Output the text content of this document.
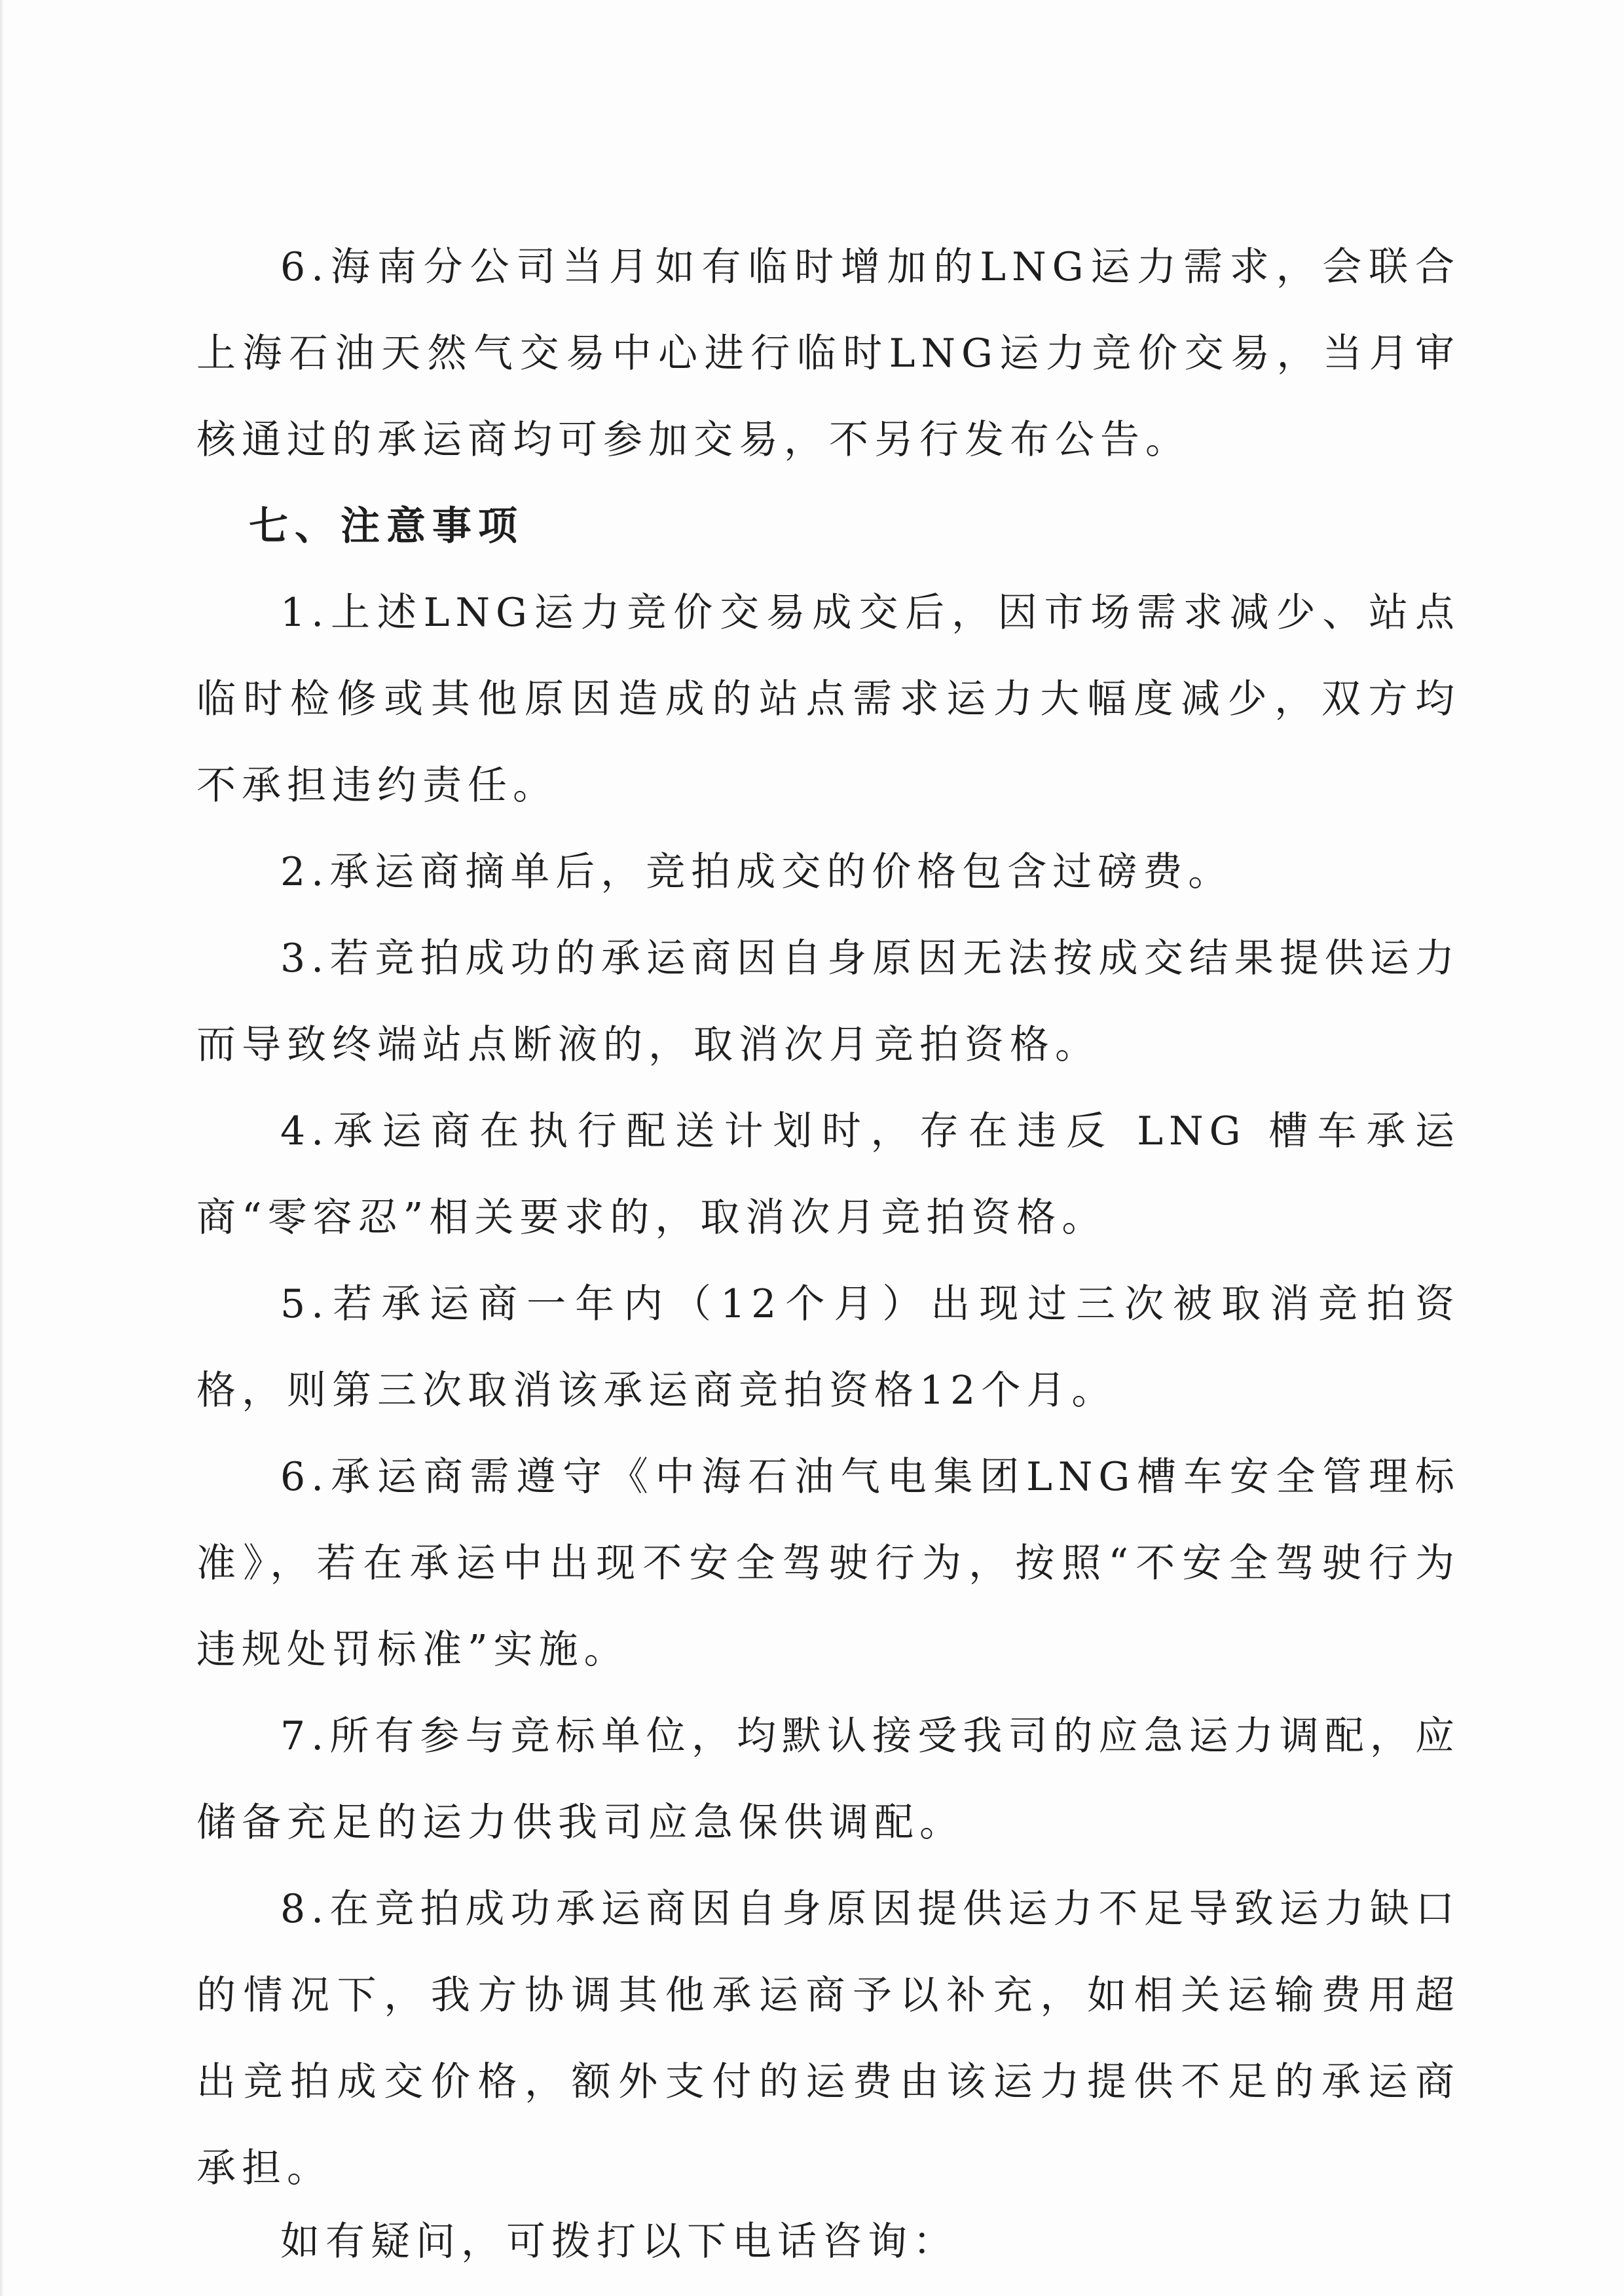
6.海南分公司当月如有临时增加的LNG运力需求，会联合上海石油天然气交易中心进行临时LNG运力竞价交易，当月审核通过的承运商均可参加交易，不另行发布公告。

七、注意事项

1.上述LNG运力竞价交易成交后，因市场需求减少、站点临时检修或其他原因造成的站点需求运力大幅度减少，双方均不承担违约责任。

2.承运商摘单后，竞拍成交的价格包含过磅费。

3.若竞拍成功的承运商因自身原因无法按成交结果提供运力而导致终端站点断液的，取消次月竞拍资格。

4.承运商在执行配送计划时，存在违反 LNG 槽车承运商“零容忍”相关要求的，取消次月竞拍资格。

5.若承运商一年内（12个月）出现过三次被取消竞拍资格，则第三次取消该承运商竞拍资格12个月。

6.承运商需遵守《中海石油气电集团LNG槽车安全管理标准》，若在承运中出现不安全驾驶行为，按照“不安全驾驶行为违规处罚标准”实施。

7.所有参与竞标单位，均默认接受我司的应急运力调配，应储备充足的运力供我司应急保供调配。

8.在竞拍成功承运商因自身原因提供运力不足导致运力缺口的情况下，我方协调其他承运商予以补充，如相关运输费用超出竞拍成交价格，额外支付的运费由该运力提供不足的承运商承担。

如有疑问，可拨打以下电话咨询：
